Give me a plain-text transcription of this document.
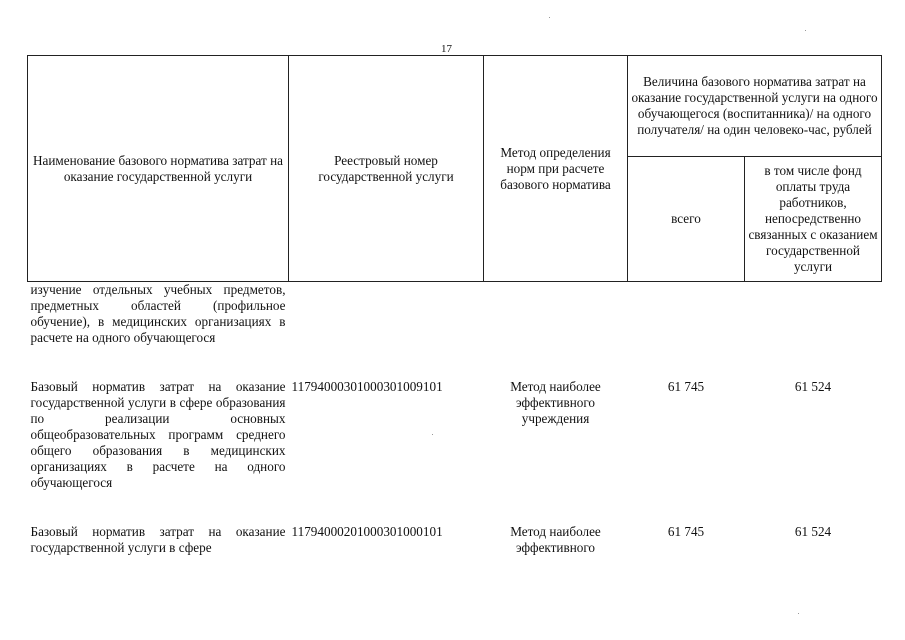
17
Наименование базового норматива затрат на оказание государственной услуги	Реестровый номер государственной услуги	Метод определения норм при расчете базового норматива	Величина базового норматива затрат на оказание государственной услуги на одного обучающегося (воспитанника)/ на одного получателя/ на один человеко-час, рублей	
			всего	в том числе фонд оплаты труда работников, непосредственно связанных с оказанием государственной услуги
изучение отдельных учебных предметов, предметных областей (профильное обучение), в медицинских организациях в расчете на одного обучающегося				

Базовый норматив затрат на оказание государственной услуги в сфере образования по реализации основных общеобразовательных программ среднего общего образования в медицинских организациях в расчете на одного обучающегося	11794000301000301009101	Метод наиболее эффективного учреждения	61 745	61 524

Базовый норматив затрат на оказание государственной услуги в сфере	11794000201000301000101	Метод наиболее эффективного	61 745	61 524
